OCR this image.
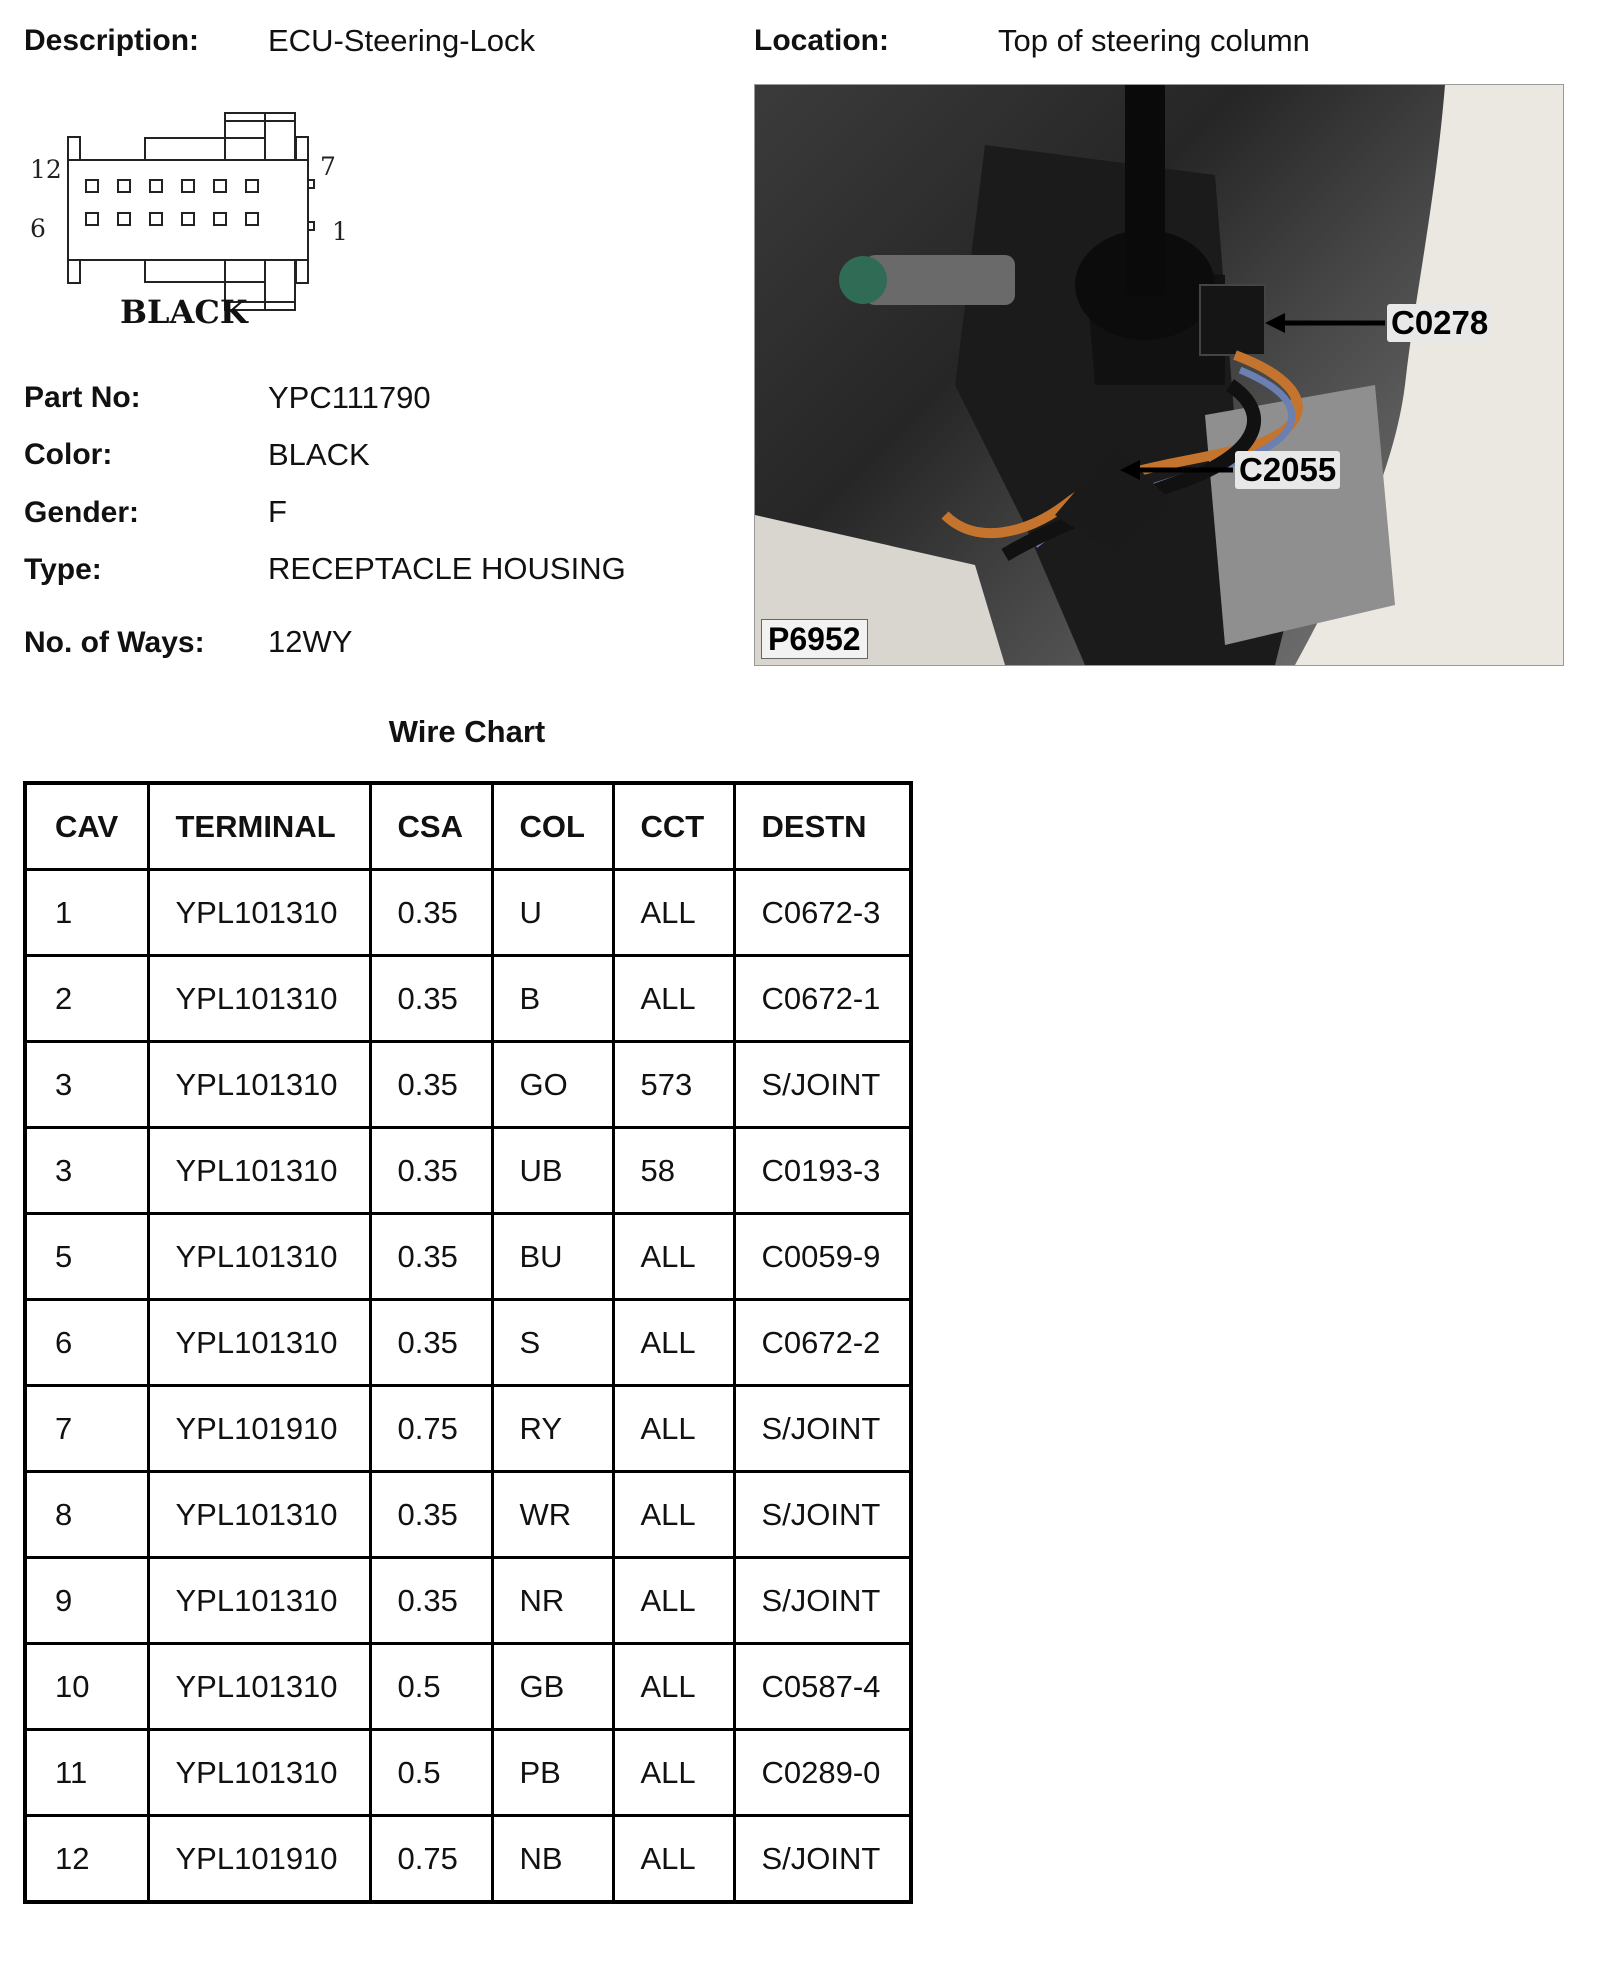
Description: ECU-Steering-Lock	Location:	Top of steering column
12	7
6	1
BLACK
Part No:	YPC111790
Color:	BLACK
Gender:	F
Type:	RECEPTACLE HOUSING
No. of Ways: 12WY
C0278
C2055
P6952
Wire Chart
CAV	TERMINAL	CSA	COL	CCT	DESTN
1	YPL101310	0.35	U	ALL	C0672-3
2	YPL101310	0.35	B	ALL	C0672-1
3	YPL101310	0.35	GO	573	S/JOINT
3	YPL101310	0.35	UB	58	C0193-3
5	YPL101310	0.35	BU	ALL	C0059-9
6	YPL101310	0.35	S	ALL	C0672-2
7	YPL101910	0.75	RY	ALL	S/JOINT
8	YPL101310	0.35	WR	ALL	S/JOINT
9	YPL101310	0.35	NR	ALL	S/JOINT
10	YPL101310	0.5	GB	ALL	C0587-4
11	YPL101310	0.5	PB	ALL	C0289-0
12	YPL101910	0.75	NB	ALL	S/JOINT
